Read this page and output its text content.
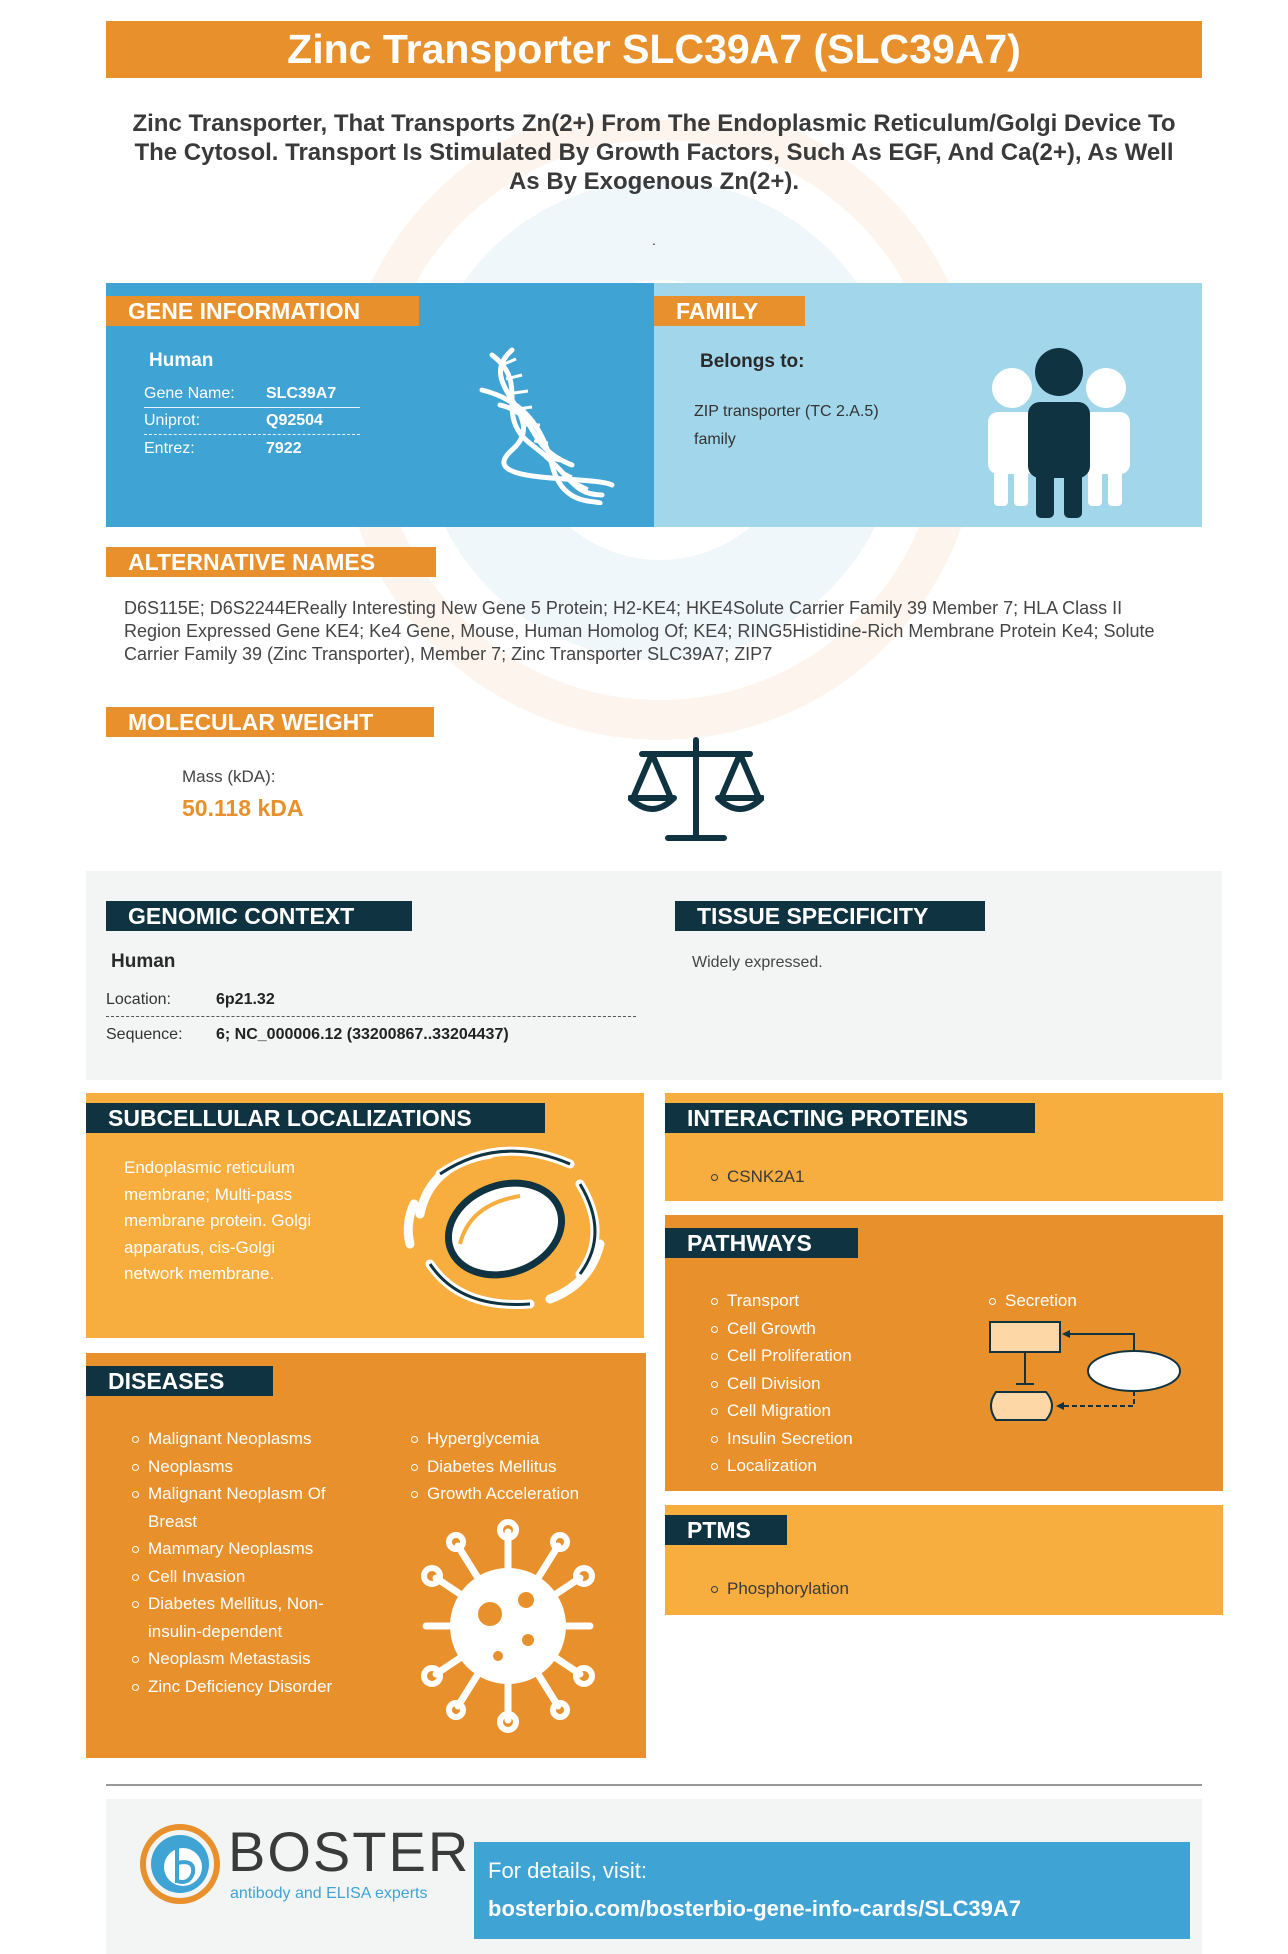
Zinc Transporter SLC39A7 (SLC39A7)
Zinc Transporter, That Transports Zn(2+) From The Endoplasmic Reticulum/Golgi Device To The Cytosol. Transport Is Stimulated By Growth Factors, Such As EGF, And Ca(2+), As Well As By Exogenous Zn(2+).
.
GENE INFORMATION
Human
Gene Name: SLC39A7
Uniprot:	Q92504
Entrez:	7922
FAMILY
Belongs to:
ZIP transporter (TC 2.A.5)
family
ALTERNATIVE NAMES
D6S115E; D6S2244EReally Interesting New Gene 5 Protein; H2-KE4; HKE4Solute Carrier Family 39 Member 7; HLA Class II Region Expressed Gene KE4; Ke4 Gene, Mouse, Human Homolog Of; KE4; RING5Histidine-Rich Membrane Protein Ke4; Solute Carrier Family 39 (Zinc Transporter), Member 7; Zinc Transporter SLC39A7; ZIP7
MOLECULAR WEIGHT
Mass (kDA):
50.118 kDA
GENOMIC CONTEXT
Human
Location:	6p21.32
Sequence: 6; NC_000006.12 (33200867..33204437)
TISSUE SPECIFICITY
Widely expressed.
SUBCELLULAR LOCALIZATIONS
Endoplasmic reticulum
membrane; Multi-pass
membrane protein. Golgi
apparatus, cis-Golgi
network membrane.
DISEASES
Malignant Neoplasms
Neoplasms
Malignant Neoplasm Of Breast
Mammary Neoplasms
Cell Invasion
Diabetes Mellitus, Non-insulin-dependent
Neoplasm Metastasis
Zinc Deficiency Disorder
Hyperglycemia
Diabetes Mellitus
Growth Acceleration
INTERACTING PROTEINS
CSNK2A1
PATHWAYS
Transport
Cell Growth
Cell Proliferation
Cell Division
Cell Migration
Insulin Secretion
Localization
Secretion
PTMS
Phosphorylation
BOSTER
antibody and ELISA experts
For details, visit:
bosterbio.com/bosterbio-gene-info-cards/SLC39A7
